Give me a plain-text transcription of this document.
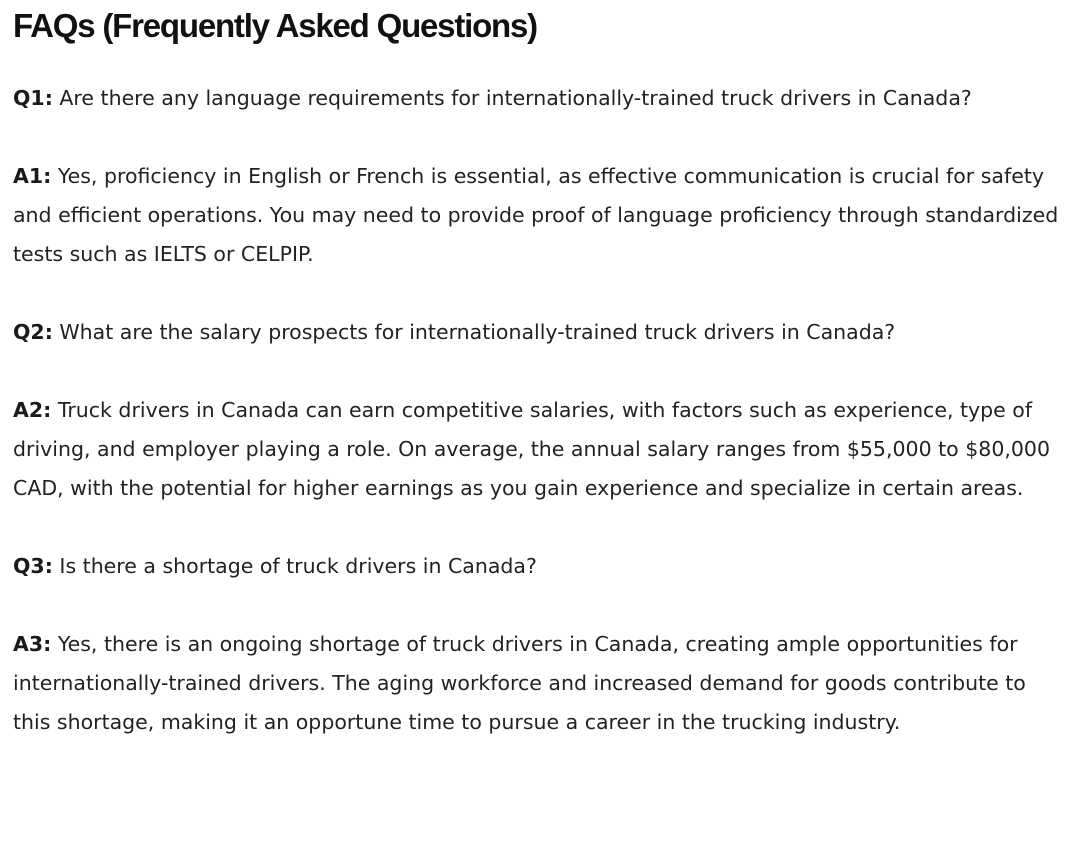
FAQs (Frequently Asked Questions)

Q1: Are there any language requirements for internationally-trained truck drivers in Canada?

A1: Yes, proficiency in English or French is essential, as effective communication is crucial for safety and efficient operations. You may need to provide proof of language proficiency through standardized tests such as IELTS or CELPIP.

Q2: What are the salary prospects for internationally-trained truck drivers in Canada?

A2: Truck drivers in Canada can earn competitive salaries, with factors such as experience, type of driving, and employer playing a role. On average, the annual salary ranges from $55,000 to $80,000 CAD, with the potential for higher earnings as you gain experience and specialize in certain areas.

Q3: Is there a shortage of truck drivers in Canada?

A3: Yes, there is an ongoing shortage of truck drivers in Canada, creating ample opportunities for internationally-trained drivers. The aging workforce and increased demand for goods contribute to this shortage, making it an opportune time to pursue a career in the trucking industry.
